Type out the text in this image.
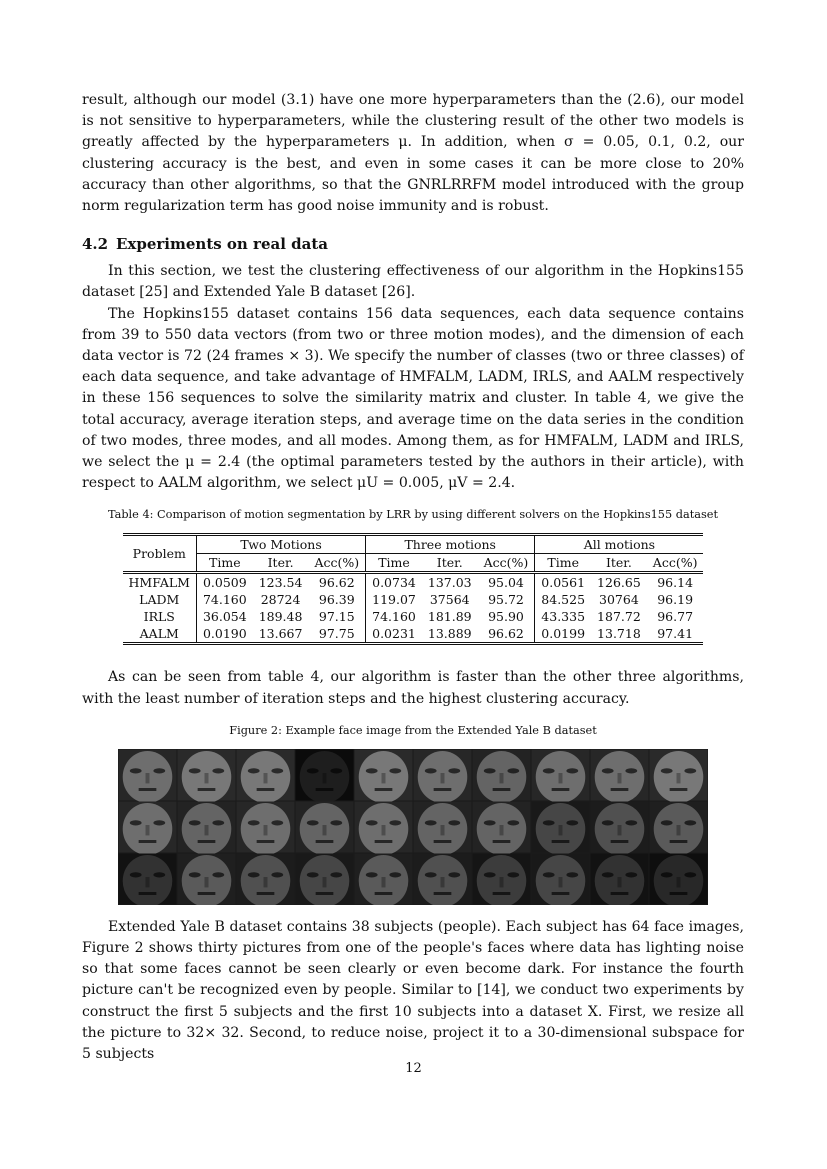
result, although our model (3.1) have one more hyperparameters than the (2.6), our model is not sensitive to hyperparameters, while the clustering result of the other two models is greatly affected by the hyperparameters μ. In addition, when σ = 0.05, 0.1, 0.2, our clustering accuracy is the best, and even in some cases it can be more close to 20% accuracy than other algorithms, so that the GNRLRRFM model introduced with the group norm regularization term has good noise immunity and is robust.

4.2 Experiments on real data

In this section, we test the clustering effectiveness of our algorithm in the Hopkins155 dataset [25] and Extended Yale B dataset [26].

The Hopkins155 dataset contains 156 data sequences, each data sequence contains from 39 to 550 data vectors (from two or three motion modes), and the dimension of each data vector is 72 (24 frames × 3). We specify the number of classes (two or three classes) of each data sequence, and take advantage of HMFALM, LADM, IRLS, and AALM respectively in these 156 sequences to solve the similarity matrix and cluster. In table 4, we give the total accuracy, average iteration steps, and average time on the data series in the condition of two modes, three modes, and all modes. Among them, as for HMFALM, LADM and IRLS, we select the μ = 2.4 (the optimal parameters tested by the authors in their article), with respect to AALM algorithm, we select μU = 0.005, μV = 2.4.

Table 4: Comparison of motion segmentation by LRR by using different solvers on the Hopkins155 dataset
Problem	Two Motions			Three motions			All motions		
	Time	Iter.	Acc(%)	Time	Iter.	Acc(%)	Time	Iter.	Acc(%)
HMFALM	0.0509	123.54	96.62	0.0734	137.03	95.04	0.0561	126.65	96.14
LADM	74.160	28724	96.39	119.07	37564	95.72	84.525	30764	96.19
IRLS	36.054	189.48	97.15	74.160	181.89	95.90	43.335	187.72	96.77
AALM	0.0190	13.667	97.75	0.0231	13.889	96.62	0.0199	13.718	97.41

As can be seen from table 4, our algorithm is faster than the other three algorithms, with the least number of iteration steps and the highest clustering accuracy.

Figure 2: Example face image from the Extended Yale B dataset

Extended Yale B dataset contains 38 subjects (people). Each subject has 64 face images, Figure 2 shows thirty pictures from one of the people's faces where data has lighting noise so that some faces cannot be seen clearly or even become dark. For instance the fourth picture can't be recognized even by people. Similar to [14], we conduct two experiments by construct the first 5 subjects and the first 10 subjects into a dataset X. First, we resize all the picture to 32× 32. Second, to reduce noise, project it to a 30-dimensional subspace for 5 subjects

12
